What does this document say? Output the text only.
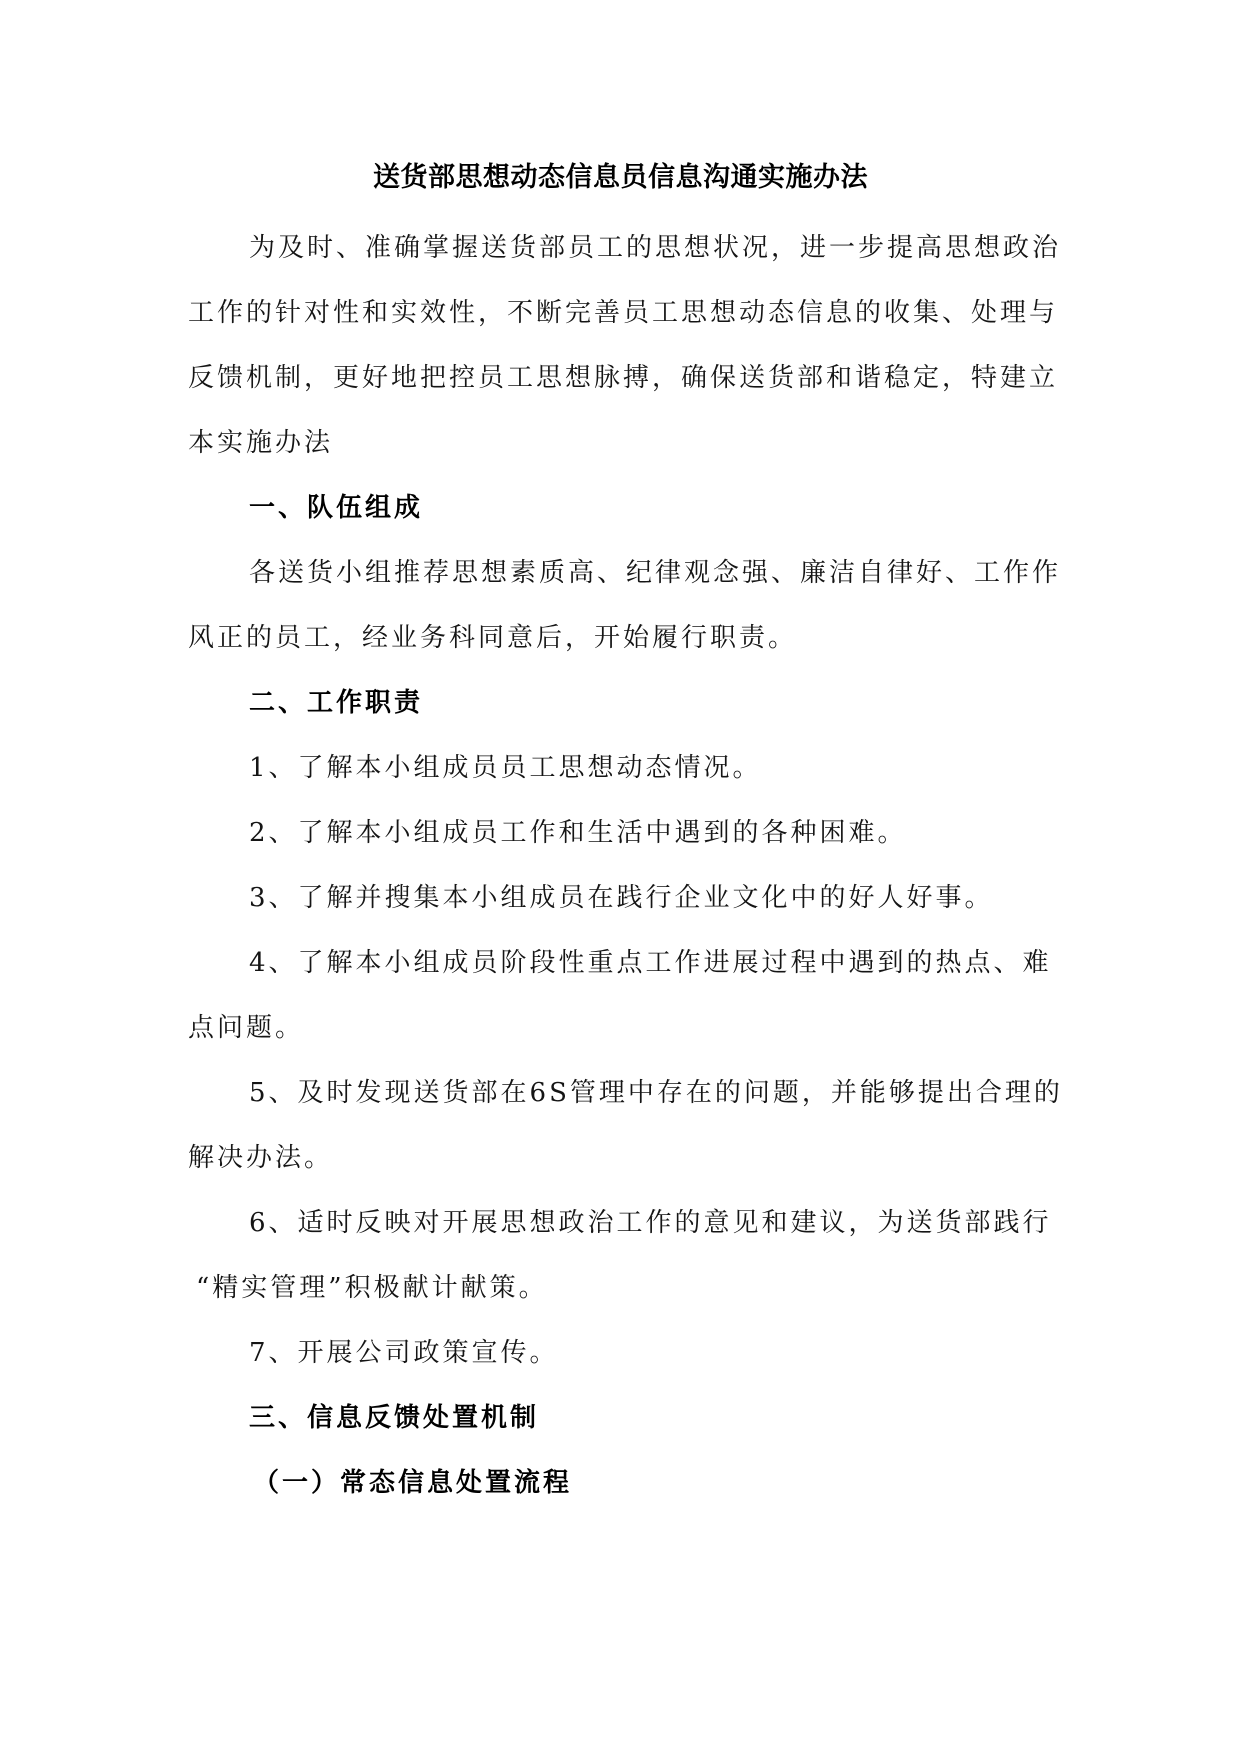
送货部思想动态信息员信息沟通实施办法
为及时、准确掌握送货部员工的思想状况，进一步提高思想政治
工作的针对性和实效性，不断完善员工思想动态信息的收集、处理与
反馈机制，更好地把控员工思想脉搏，确保送货部和谐稳定，特建立
本实施办法
一、队伍组成
各送货小组推荐思想素质高、纪律观念强、廉洁自律好、工作作
风正的员工，经业务科同意后，开始履行职责。
二、工作职责
1、了解本小组成员员工思想动态情况。
2、了解本小组成员工作和生活中遇到的各种困难。
3、了解并搜集本小组成员在践行企业文化中的好人好事。
4、了解本小组成员阶段性重点工作进展过程中遇到的热点、难
点问题。
5、及时发现送货部在6S管理中存在的问题，并能够提出合理的
解决办法。
6、适时反映对开展思想政治工作的意见和建议，为送货部践行
“精实管理”积极献计献策。
7、开展公司政策宣传。
三、信息反馈处置机制
（一）常态信息处置流程
